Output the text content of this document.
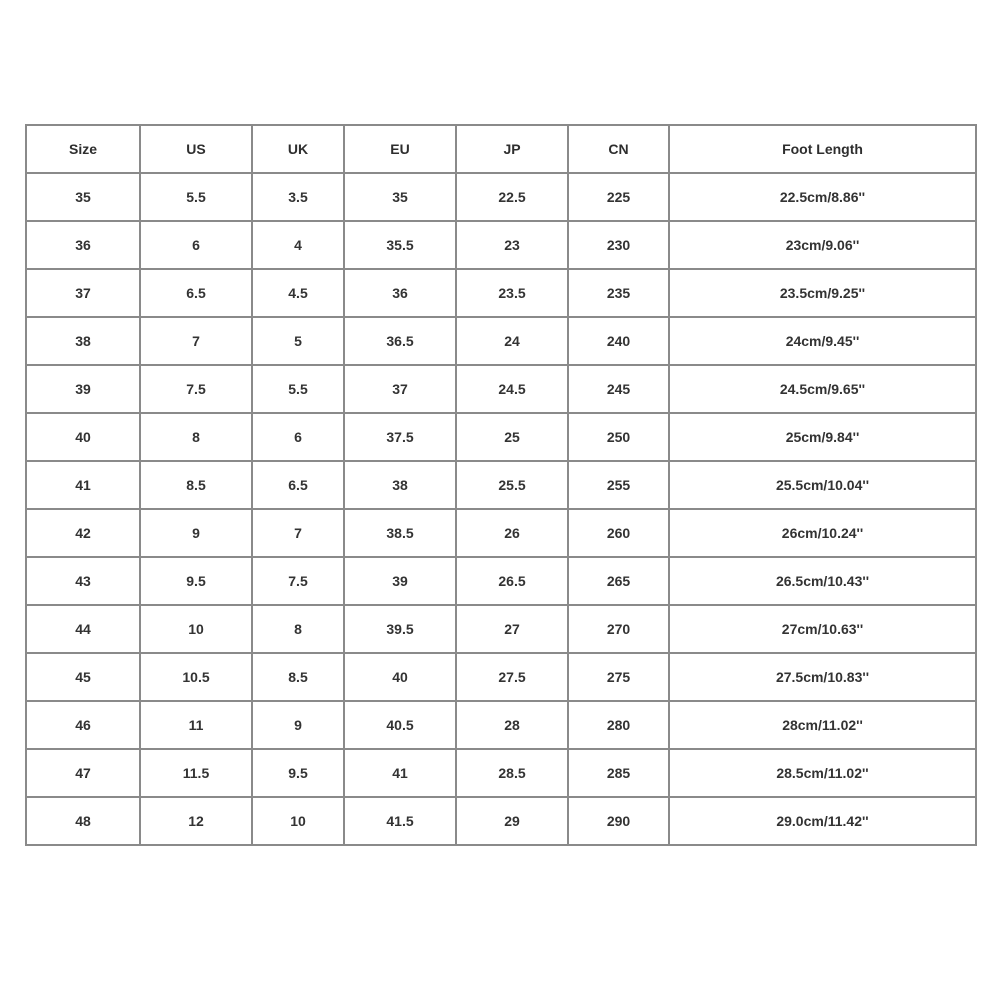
Size	US	UK	EU	JP	CN	Foot Length
35	5.5	3.5	35	22.5	225	22.5cm/8.86''
36	6	4	35.5	23	230	23cm/9.06''
37	6.5	4.5	36	23.5	235	23.5cm/9.25''
38	7	5	36.5	24	240	24cm/9.45''
39	7.5	5.5	37	24.5	245	24.5cm/9.65''
40	8	6	37.5	25	250	25cm/9.84''
41	8.5	6.5	38	25.5	255	25.5cm/10.04''
42	9	7	38.5	26	260	26cm/10.24''
43	9.5	7.5	39	26.5	265	26.5cm/10.43''
44	10	8	39.5	27	270	27cm/10.63''
45	10.5	8.5	40	27.5	275	27.5cm/10.83''
46	11	9	40.5	28	280	28cm/11.02''
47	11.5	9.5	41	28.5	285	28.5cm/11.02''
48	12	10	41.5	29	290	29.0cm/11.42''
